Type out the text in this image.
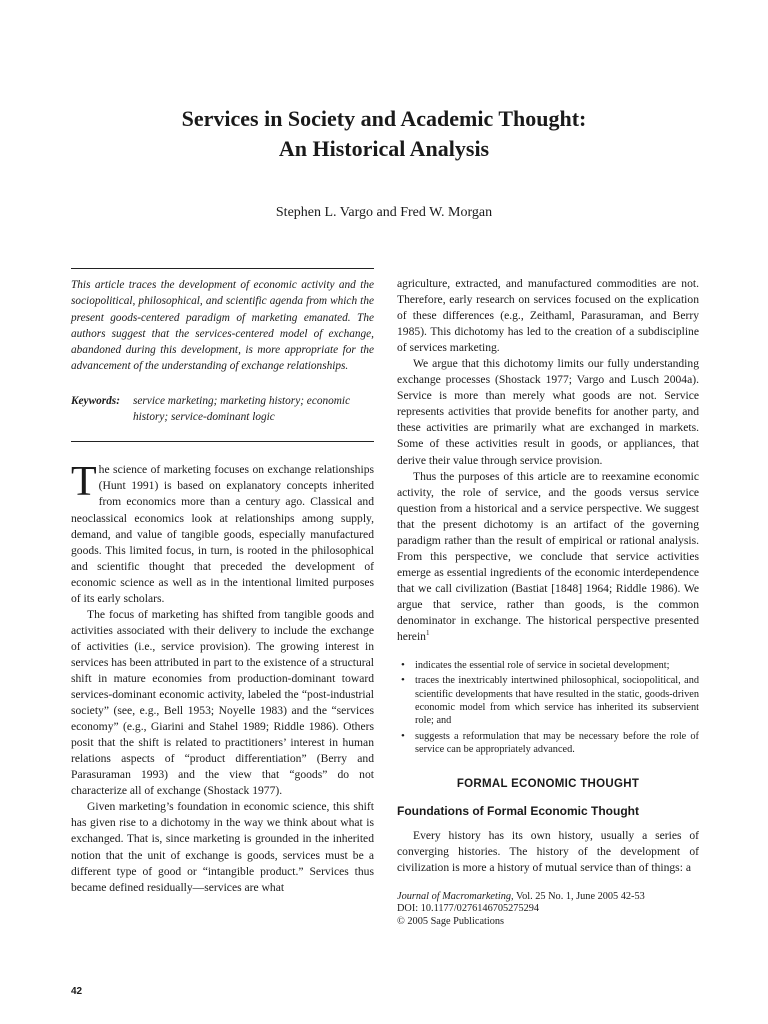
Services in Society and Academic Thought:
An Historical Analysis
Stephen L. Vargo and Fred W. Morgan

This article traces the development of economic activity and the sociopolitical, philosophical, and scientific agenda from which the present goods-centered paradigm of marketing emanated. The authors suggest that the services-centered model of exchange, abandoned during this development, is more appropriate for the advancement of the understanding of exchange relationships.

Keywords:	service marketing; marketing history; economic history; service-dominant logic

The science of marketing focuses on exchange relationships (Hunt 1991) is based on explanatory concepts inherited from economics more than a century ago. Classical and neoclassical economics look at relationships among supply, demand, and value of tangible goods, especially manufactured goods. This limited focus, in turn, is rooted in the philosophical and scientific thought that preceded the development of economic science as well as in the intentional limited purposes of its early scholars.

The focus of marketing has shifted from tangible goods and activities associated with their delivery to include the exchange of activities (i.e., service provision). The growing interest in services has been attributed in part to the existence of a structural shift in mature economies from production-dominant toward services-dominant economic activity, labeled the “post-industrial society” (see, e.g., Bell 1953; Noyelle 1983) and the “services economy” (e.g., Giarini and Stahel 1989; Riddle 1986). Others posit that the shift is related to practitioners’ interest in human relations aspects of “product differentiation” (Berry and Parasuraman 1993) and the view that “goods” do not characterize all of exchange (Shostack 1977).

Given marketing’s foundation in economic science, this shift has given rise to a dichotomy in the way we think about what is exchanged. That is, since marketing is grounded in the inherited notion that the unit of exchange is goods, services must be a different type of good or “intangible product.” Services thus became defined residually—services are what

agriculture, extracted, and manufactured commodities are not. Therefore, early research on services focused on the explication of these differences (e.g., Zeithaml, Parasuraman, and Berry 1985). This dichotomy has led to the creation of a subdiscipline of services marketing.

We argue that this dichotomy limits our fully understanding exchange processes (Shostack 1977; Vargo and Lusch 2004a). Service is more than merely what goods are not. Service represents activities that provide benefits for another party, and these activities are primarily what are exchanged in markets. Some of these activities result in goods, or appliances, that derive their value through service provision.

Thus the purposes of this article are to reexamine economic activity, the role of service, and the goods versus service question from a historical and a service perspective. We suggest that the present dichotomy is an artifact of the governing paradigm rather than the result of empirical or rational analysis. From this perspective, we conclude that service activities emerge as essential ingredients of the economic interdependence that we call civilization (Bastiat [1848] 1964; Riddle 1986). We argue that service, rather than goods, is the common denominator in exchange. The historical perspective presented herein$^1$

• indicates the essential role of service in societal development;
• traces the inextricably intertwined philosophical, sociopolitical, and scientific developments that have resulted in the static, goods-driven economic model from which service has inherited its subservient role; and
• suggests a reformulation that may be necessary before the role of service can be appropriately advanced.
FORMAL ECONOMIC THOUGHT
Foundations of Formal Economic Thought

Every history has its own history, usually a series of converging histories. The history of the development of civilization is more a history of mutual service than of things: a

Journal of Macromarketing, Vol. 25 No. 1, June 2005 42-53
DOI: 10.1177/0276146705275294
© 2005 Sage Publications
42
